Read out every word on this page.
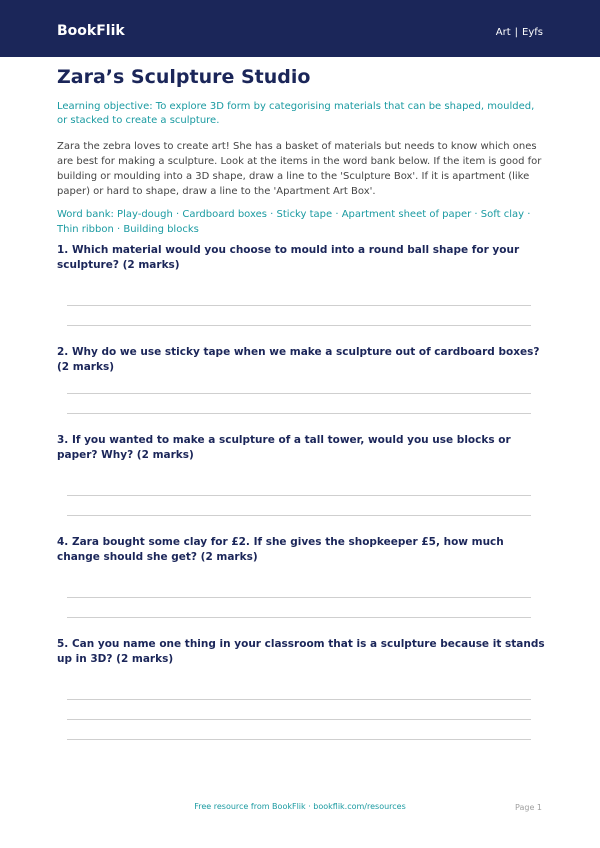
BookFlik	Art | Eyfs
Zara’s Sculpture Studio
Learning objective: To explore 3D form by categorising materials that can be shaped, moulded, or stacked to create a sculpture.
Zara the zebra loves to create art! She has a basket of materials but needs to know which ones are best for making a sculpture. Look at the items in the word bank below. If the item is good for building or moulding into a 3D shape, draw a line to the 'Sculpture Box'. If it is apartment (like paper) or hard to shape, draw a line to the 'Apartment Art Box'.
Word bank: Play-dough · Cardboard boxes · Sticky tape · Apartment sheet of paper · Soft clay · Thin ribbon · Building blocks
1. Which material would you choose to mould into a round ball shape for your sculpture? (2 marks)
2. Why do we use sticky tape when we make a sculpture out of cardboard boxes? (2 marks)
3. If you wanted to make a sculpture of a tall tower, would you use blocks or paper? Why? (2 marks)
4. Zara bought some clay for £2. If she gives the shopkeeper £5, how much change should she get? (2 marks)
5. Can you name one thing in your classroom that is a sculpture because it stands up in 3D? (2 marks)
Free resource from BookFlik · bookflik.com/resources	Page 1
